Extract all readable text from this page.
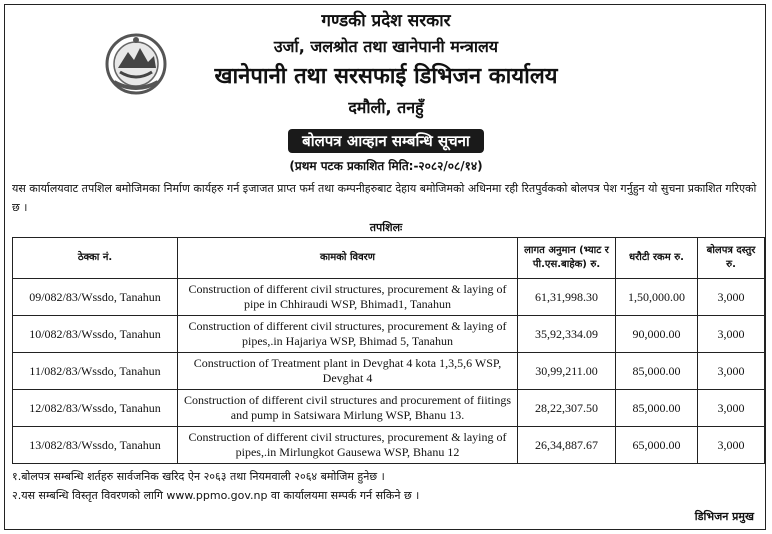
गण्डकी प्रदेश सरकार
उर्जा, जलश्रोत तथा खानेपानी मन्त्रालय
खानेपानी तथा सरसफाई डिभिजन कार्यालय
दमौली, तनहुँ
बोलपत्र आव्हान सम्बन्धि सूचना
(प्रथम पटक प्रकाशित मिति:-२०८२/०८/१४)
यस कार्यालयवाट तपशिल बमोजिमका निर्माण कार्यहरु गर्न इजाजत प्राप्त फर्म तथा कम्पनीहरुबाट देहाय बमोजिमको अधिनमा रही रितपुर्वकको बोलपत्र पेश गर्नुहुन यो सुचना प्रकाशित गरिएको छ ।
तपशिलः
ठेक्का नं.	कामको विवरण	लागत अनुमान (भ्याट र पी.एस.बाहेक) रु.	धरौटी रकम रु.	बोलपत्र दस्तुर रु.
09/082/83/Wssdo, Tanahun	Construction of different civil structures, procurement & laying of pipe in Chhiraudi WSP, Bhimad1, Tanahun	61,31,998.30	1,50,000.00	3,000
10/082/83/Wssdo, Tanahun	Construction of different civil structures, procurement & laying of pipes,.in Hajariya WSP, Bhimad 5, Tanahun	35,92,334.09	90,000.00	3,000
11/082/83/Wssdo, Tanahun	Construction of Treatment plant in Devghat 4 kota 1,3,5,6 WSP, Devghat 4	30,99,211.00	85,000.00	3,000
12/082/83/Wssdo, Tanahun	Construction of different civil structures and procurement of fiitings and pump in Satsiwara Mirlung WSP, Bhanu 13.	28,22,307.50	85,000.00	3,000
13/082/83/Wssdo, Tanahun	Construction of different civil structures, procurement & laying of pipes,.in Mirlungkot Gausewa WSP, Bhanu 12	26,34,887.67	65,000.00	3,000
१.बोलपत्र सम्बन्धि शर्तहरु सार्वजनिक खरिद ऐन २०६३ तथा नियमवाली २०६४ बमोजिम हुनेछ ।
२.यस सम्बन्धि विस्तृत विवरणको लागि www.ppmo.gov.np वा कार्यालयमा सम्पर्क गर्न सकिने छ ।
डिभिजन प्रमुख
